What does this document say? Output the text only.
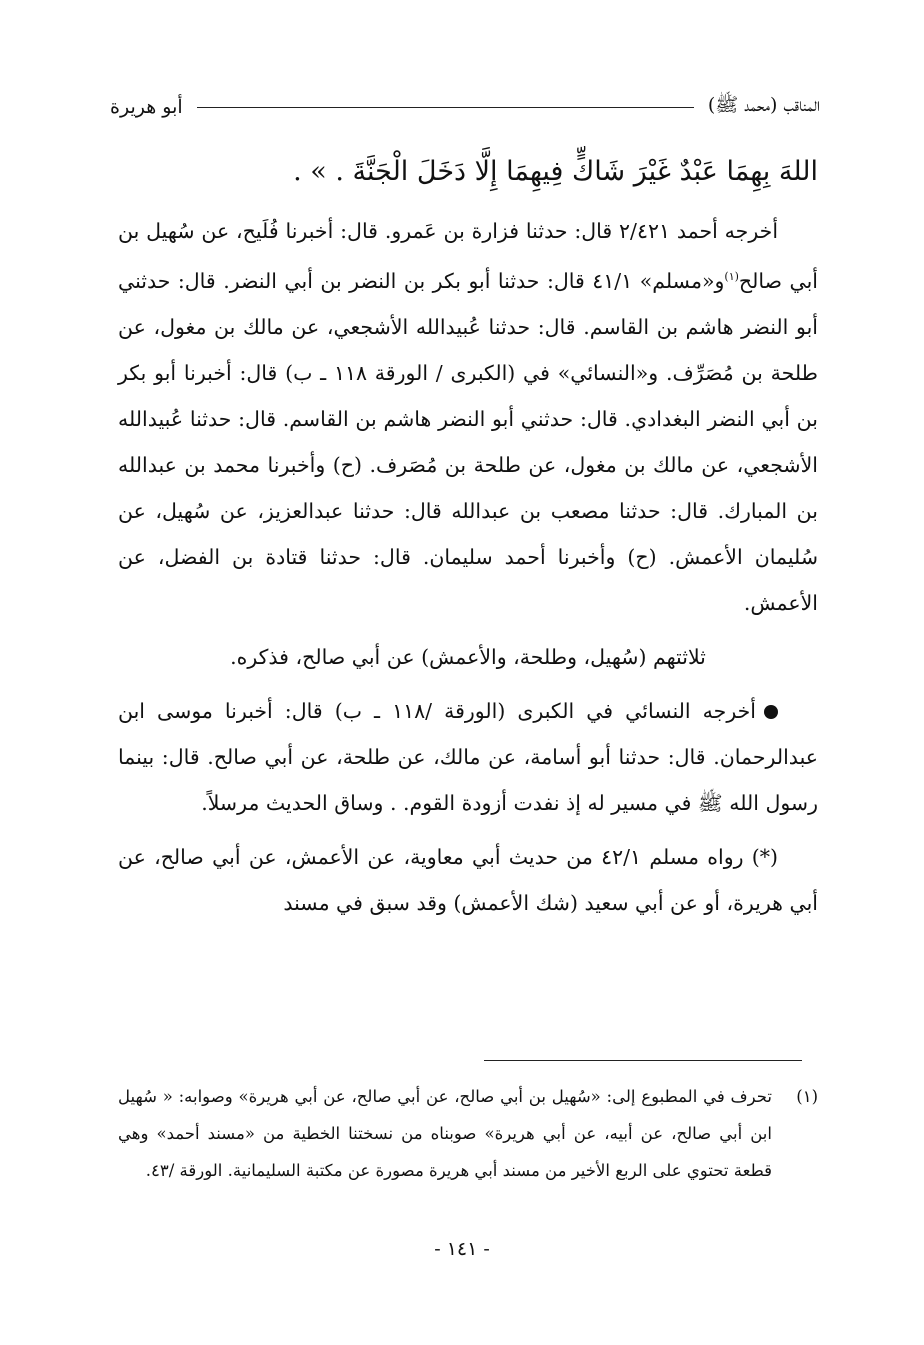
المناقب (محمد ﷺ)
أبو هريرة

اللهَ بِهِمَا عَبْدٌ غَيْرَ شَاكٍّ فِيهِمَا إِلَّا دَخَلَ الْجَنَّةَ . » .

أخرجه أحمد ٢/٤٢١ قال: حدثنا فزارة بن عَمرو. قال: أخبرنا فُلَيح، عن سُهيل بن أبي صالح$^{(١)}$و«مسلم» ٤١/١ قال: حدثنا أبو بكر بن النضر بن أبي النضر. قال: حدثني أبو النضر هاشم بن القاسم. قال: حدثنا عُبيدالله الأشجعي، عن مالك بن مغول، عن طلحة بن مُصَرِّف. و«النسائي» في (الكبرى / الورقة ١١٨ ـ ب) قال: أخبرنا أبو بكر بن أبي النضر البغدادي. قال: حدثني أبو النضر هاشم بن القاسم. قال: حدثنا عُبيدالله الأشجعي، عن مالك بن مغول، عن طلحة بن مُصَرف. (ح) وأخبرنا محمد بن عبدالله بن المبارك. قال: حدثنا مصعب بن عبدالله قال: حدثنا عبدالعزيز، عن سُهيل، عن سُليمان الأعمش. (ح) وأخبرنا أحمد سليمان. قال: حدثنا قتادة بن الفضل، عن الأعمش.

ثلاثتهم (سُهيل، وطلحة، والأعمش) عن أبي صالح، فذكره.

أخرجه النسائي في الكبرى (الورقة /١١٨ ـ ب) قال: أخبرنا موسى ابن عبدالرحمان. قال: حدثنا أبو أسامة، عن مالك، عن طلحة، عن أبي صالح. قال: بينما رسول الله ﷺ في مسير له إذ نفدت أزودة القوم. . وساق الحديث مرسلاً.

(*) رواه مسلم ٤٢/١ من حديث أبي معاوية، عن الأعمش، عن أبي صالح، عن أبي هريرة، أو عن أبي سعيد (شك الأعمش) وقد سبق في مسند

(١)
تحرف في المطبوع إلى: «سُهيل بن أبي صالح، عن أبي صالح، عن أبي هريرة» وصوابه: « سُهيل ابن أبي صالح، عن أبيه، عن أبي هريرة» صوبناه من نسختنا الخطية من «مسند أحمد» وهي قطعة تحتوي على الربع الأخير من مسند أبي هريرة مصورة عن مكتبة السليمانية. الورقة /٤٣.
- ١٤١ -
